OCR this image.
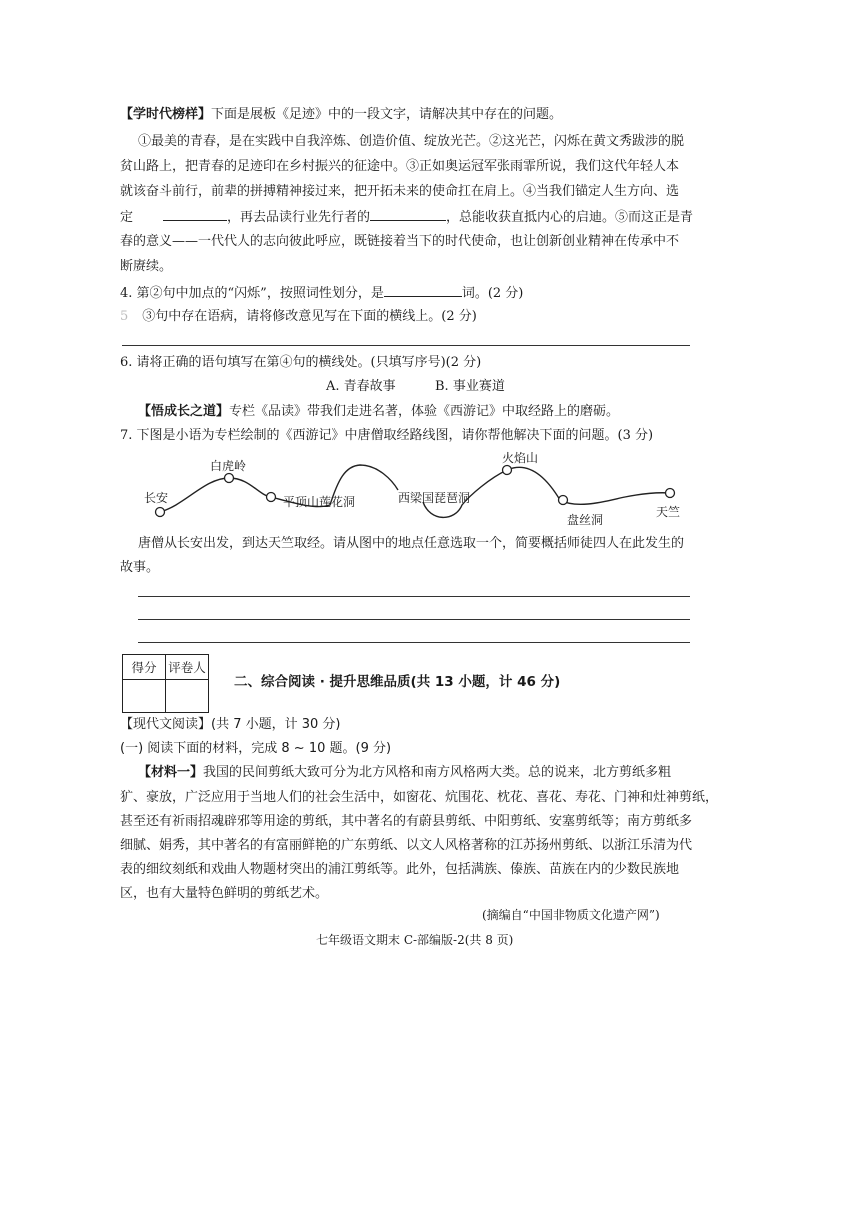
【学时代榜样】下面是展板《足迹》中的一段文字，请解决其中存在的问题。
①最美的青春，是在实践中自我淬炼、创造价值、绽放光芒。②这光芒，闪烁在黄文秀跋涉的脱
贫山路上，把青春的足迹印在乡村振兴的征途中。③正如奥运冠军张雨霏所说，我们这代年轻人本
就该奋斗前行，前辈的拼搏精神接过来，把开拓未来的使命扛在肩上。④当我们锚定人生方向、选
定	，再去品读行业先行者的	，总能收获直抵内心的启迪。⑤而这正是青
春的意义——一代代人的志向彼此呼应，既链接着当下的时代使命，也让创新创业精神在传承中不
断赓续。
4. 第②句中加点的“闪烁”，按照词性划分，是	词。(2 分)
5 ③句中存在语病，请将修改意见写在下面的横线上。(2 分)
6. 请将正确的语句填写在第④句的横线处。(只填写序号)(2 分)
A. 青春故事	B. 事业赛道
【悟成长之道】专栏《品读》带我们走进名著，体验《西游记》中取经路上的磨砺。
7. 下图是小语为专栏绘制的《西游记》中唐僧取经路线图，请你帮他解决下面的问题。(3 分)
长安
白虎岭
平顶山莲花洞	西梁国琵琶洞
火焰山
盘丝洞
天竺
唐僧从长安出发，到达天竺取经。请从图中的地点任意选取一个，简要概括师徒四人在此发生的
故事。
得分	评卷人

二、综合阅读 · 提升思维品质(共 13 小题，计 46 分)
【现代文阅读】(共 7 小题，计 30 分)
(一) 阅读下面的材料，完成 8 ~ 10 题。(9 分)
【材料一】我国的民间剪纸大致可分为北方风格和南方风格两大类。总的说来，北方剪纸多粗
犷、豪放，广泛应用于当地人们的社会生活中，如窗花、炕围花、枕花、喜花、寿花、门神和灶神剪纸，
甚至还有祈雨招魂辟邪等用途的剪纸，其中著名的有蔚县剪纸、中阳剪纸、安塞剪纸等；南方剪纸多
细腻、娟秀，其中著名的有富丽鲜艳的广东剪纸、以文人风格著称的江苏扬州剪纸、以浙江乐清为代
表的细纹刻纸和戏曲人物题材突出的浦江剪纸等。此外，包括满族、傣族、苗族在内的少数民族地
区，也有大量特色鲜明的剪纸艺术。
(摘编自“中国非物质文化遗产网”)
七年级语文期末 C-部编版-2(共 8 页)
